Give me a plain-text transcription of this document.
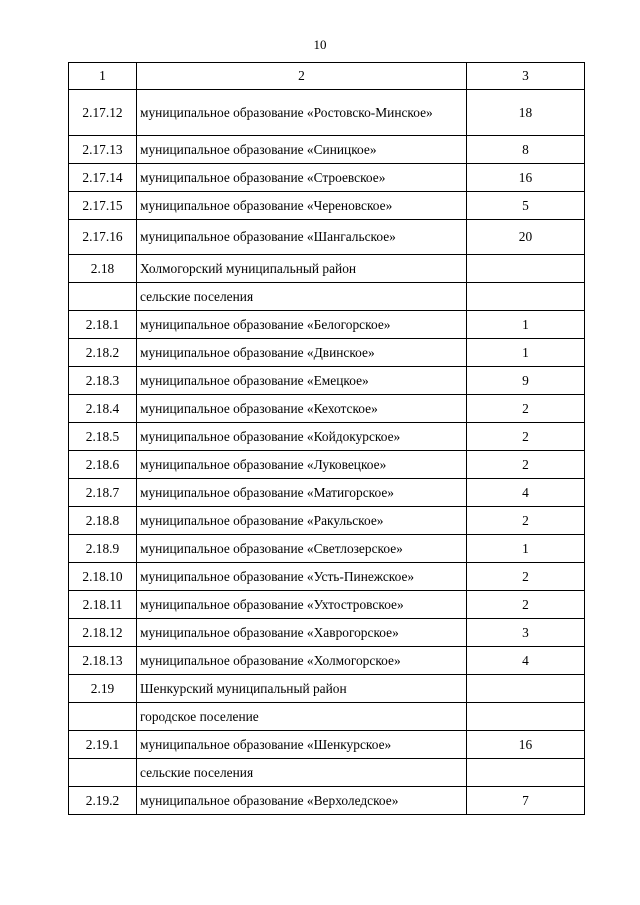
10
1	2	3
2.17.12	муниципальное образование «Ростовско-Минское»	18
2.17.13	муниципальное образование «Синицкое»	8
2.17.14	муниципальное образование «Строевское»	16
2.17.15	муниципальное образование «Череновское»	5
2.17.16	муниципальное образование «Шангальское»	20
2.18	Холмогорский муниципальный район	
	сельские поселения	
2.18.1	муниципальное образование «Белогорское»	1
2.18.2	муниципальное образование «Двинское»	1
2.18.3	муниципальное образование «Емецкое»	9
2.18.4	муниципальное образование «Кехотское»	2
2.18.5	муниципальное образование «Койдокурское»	2
2.18.6	муниципальное образование «Луковецкое»	2
2.18.7	муниципальное образование «Матигорское»	4
2.18.8	муниципальное образование «Ракульское»	2
2.18.9	муниципальное образование «Светлозерское»	1
2.18.10	муниципальное образование «Усть-Пинежское»	2
2.18.11	муниципальное образование «Ухтостровское»	2
2.18.12	муниципальное образование «Хаврогорское»	3
2.18.13	муниципальное образование «Холмогорское»	4
2.19	Шенкурский муниципальный район	
	городское поселение	
2.19.1	муниципальное образование «Шенкурское»	16
	сельские поселения	
2.19.2	муниципальное образование «Верхоледское»	7
